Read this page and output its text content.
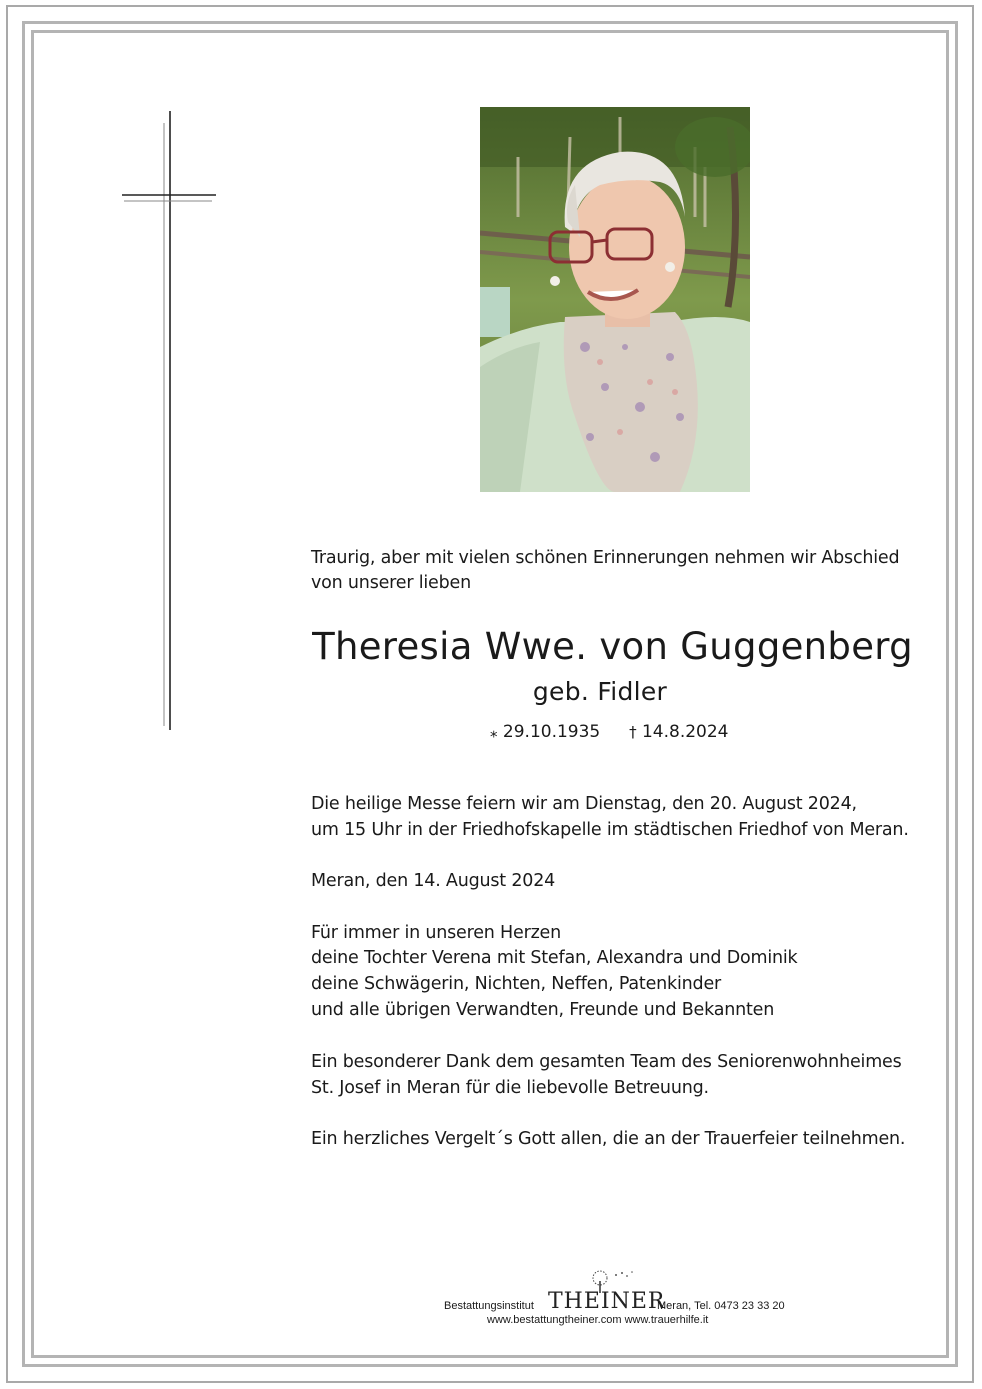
Traurig, aber mit vielen schönen Erinnerungen nehmen wir Abschied
von unserer lieben
Theresia Wwe. von Guggenberg
geb. Fidler
⁎ 29.10.1935 † 14.8.2024
Die heilige Messe feiern wir am Dienstag, den 20. August 2024,
um 15 Uhr in der Friedhofskapelle im städtischen Friedhof von Meran.
Meran, den 14. August 2024
Für immer in unseren Herzen
deine Tochter Verena mit Stefan, Alexandra und Dominik
deine Schwägerin, Nichten, Neffen, Patenkinder
und alle übrigen Verwandten, Freunde und Bekannten
Ein besonderer Dank dem gesamten Team des Seniorenwohnheimes
St. Josef in Meran für die liebevolle Betreuung.
Ein herzliches Vergelt´s Gott allen, die an der Trauerfeier teilnehmen.
Bestattungsinstitut THEINER
Meran, Tel. 0473 23 33 20
www.bestattungtheiner.com www.trauerhilfe.it
